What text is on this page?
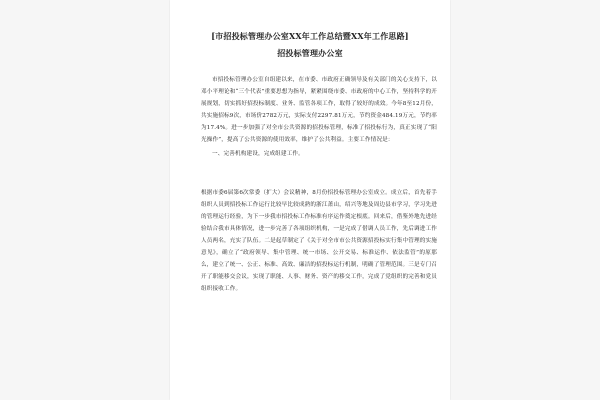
[市招投标管理办公室XX年工作总结暨XX年工作思路]
招投标管理办公室

市招投标管理办公室自组建以来，在市委、市政府正确领导及有关部门的关心支持下，以邓小平理论和“三个代表”重要思想为指导，紧紧围绕市委、市政府的中心工作，坚持科学的开展规划，切实抓好招投标制度、业务、监管各项工作，取得了较好的成效。今年8至12月份，共实施招标9次，市场价2782万元，实际支付2297.81万元，节约资金484.19万元，节约率为17.4%。进一步加强了对全市公共资源的招投标管理，标准了招投标行为，真正实现了“阳光操作”，提高了公共资源的使用效率，维护了公共利益。主要工作情况是：

一、完善机构建设，完成组建工作。

根据市委6届第6次常委（扩大）会议精神，8月份招投标管理办公室成立。成立后，首先着手组织人员到招投标工作运行比较早比较成熟的浙江萧山，绍兴等地及周边县市学习，学习先进的管理运行经验，为下一步我市招投标工作标准有序运作奠定根底。回来后，借鉴外地先进经验结合我市具体情况，进一步完善了各项组织机构，一是完成了借调人员工作，先后调进工作人员两名，充实了队伍。二是起草制定了《关于对全市市公共资源招投标实行集中管理的实施意见》，确立了“政府领导、集中管理、统一市场、公开交易、标准运作、依法监管”的原那么，建立了统一、公正、标准、高效、廉洁的招投标运行机制，明确了管理范围。三是专门召开了职能移交会议，实现了职能、人事、财务、资产的移交工作，完成了党组织的完善和党员组织接收工作。
